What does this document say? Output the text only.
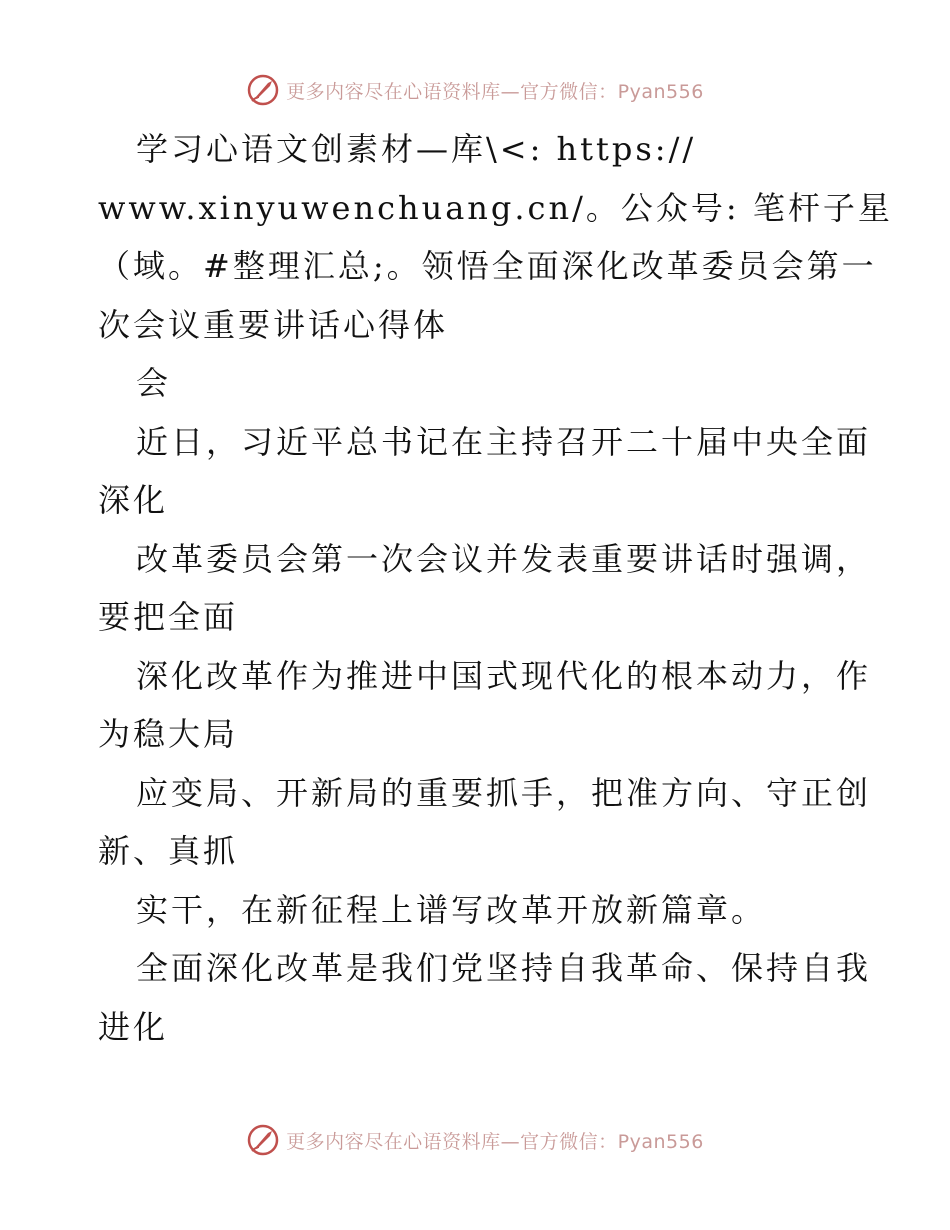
更多内容尽在心语资料库—官方微信：Pyan556
学习心语文创素材—库\<: https://
www.xinyuwenchuang.cn/。公众号: 笔杆子星
（域。#整理汇总;。领悟全面深化改革委员会第一
次会议重要讲话心得体
会
近日，习近平总书记在主持召开二十届中央全面
深化
改革委员会第一次会议并发表重要讲话时强调，
要把全面
深化改革作为推进中国式现代化的根本动力，作
为稳大局
应变局、开新局的重要抓手，把准方向、守正创
新、真抓
实干，在新征程上谱写改革开放新篇章。
全面深化改革是我们党坚持自我革命、保持自我
进化
更多内容尽在心语资料库—官方微信：Pyan556
